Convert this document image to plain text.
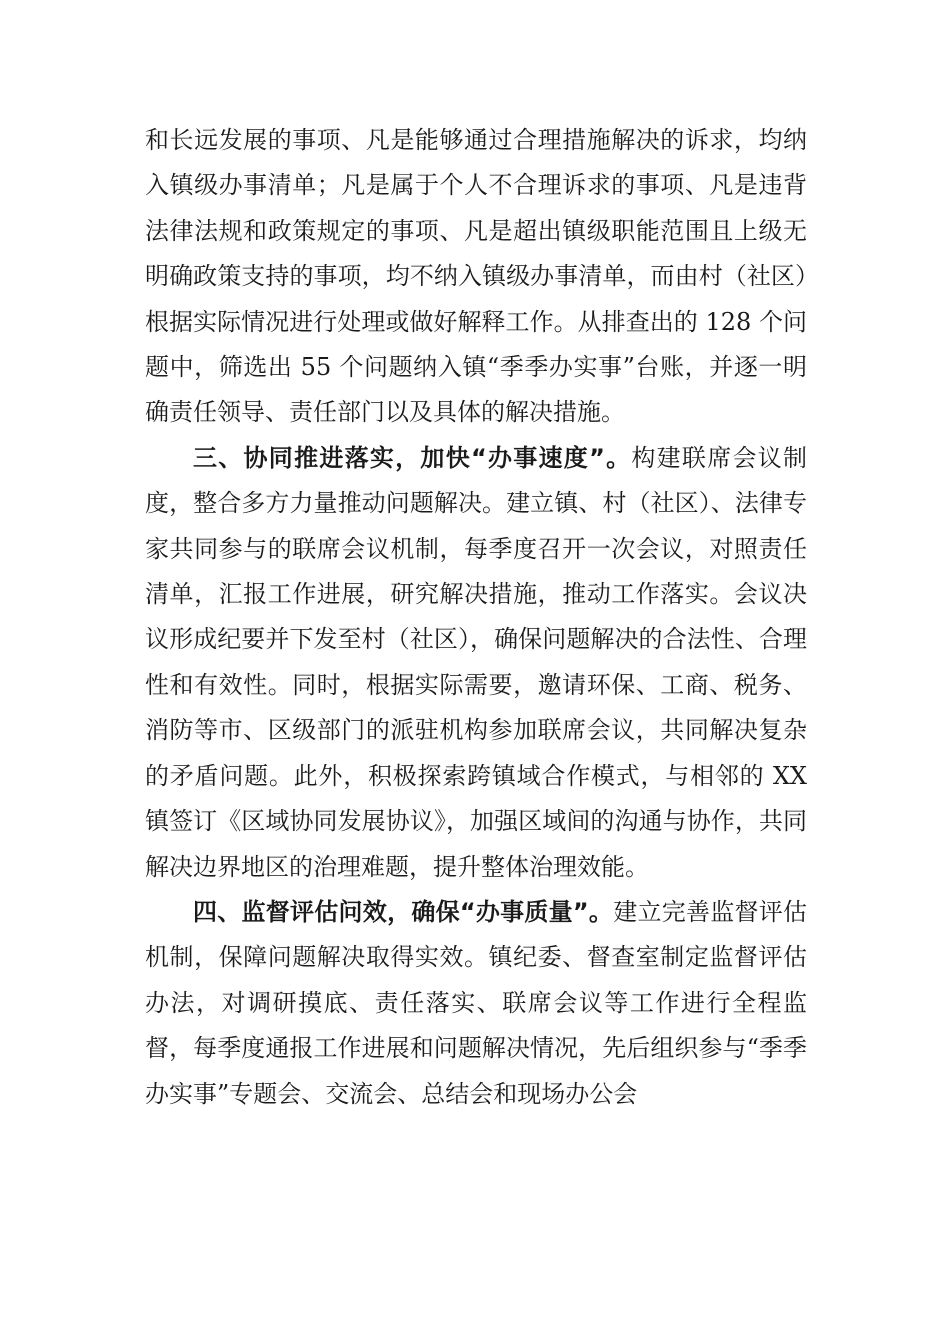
和长远发展的事项、凡是能够通过合理措施解决的诉求，均纳入镇级办事清单；凡是属于个人不合理诉求的事项、凡是违背法律法规和政策规定的事项、凡是超出镇级职能范围且上级无明确政策支持的事项，均不纳入镇级办事清单，而由村（社区）根据实际情况进行处理或做好解释工作。从排查出的 128 个问题中，筛选出 55 个问题纳入镇“季季办实事”台账，并逐一明确责任领导、责任部门以及具体的解决措施。

三、协同推进落实，加快“办事速度”。构建联席会议制度，整合多方力量推动问题解决。建立镇、村（社区）、法律专家共同参与的联席会议机制，每季度召开一次会议，对照责任清单，汇报工作进展，研究解决措施，推动工作落实。会议决议形成纪要并下发至村（社区），确保问题解决的合法性、合理性和有效性。同时，根据实际需要，邀请环保、工商、税务、消防等市、区级部门的派驻机构参加联席会议，共同解决复杂的矛盾问题。此外，积极探索跨镇域合作模式，与相邻的 XX 镇签订《区域协同发展协议》，加强区域间的沟通与协作，共同解决边界地区的治理难题，提升整体治理效能。

四、监督评估问效，确保“办事质量”。建立完善监督评估机制，保障问题解决取得实效。镇纪委、督查室制定监督评估办法，对调研摸底、责任落实、联席会议等工作进行全程监督，每季度通报工作进展和问题解决情况，先后组织参与“季季办实事”专题会、交流会、总结会和现场办公会
